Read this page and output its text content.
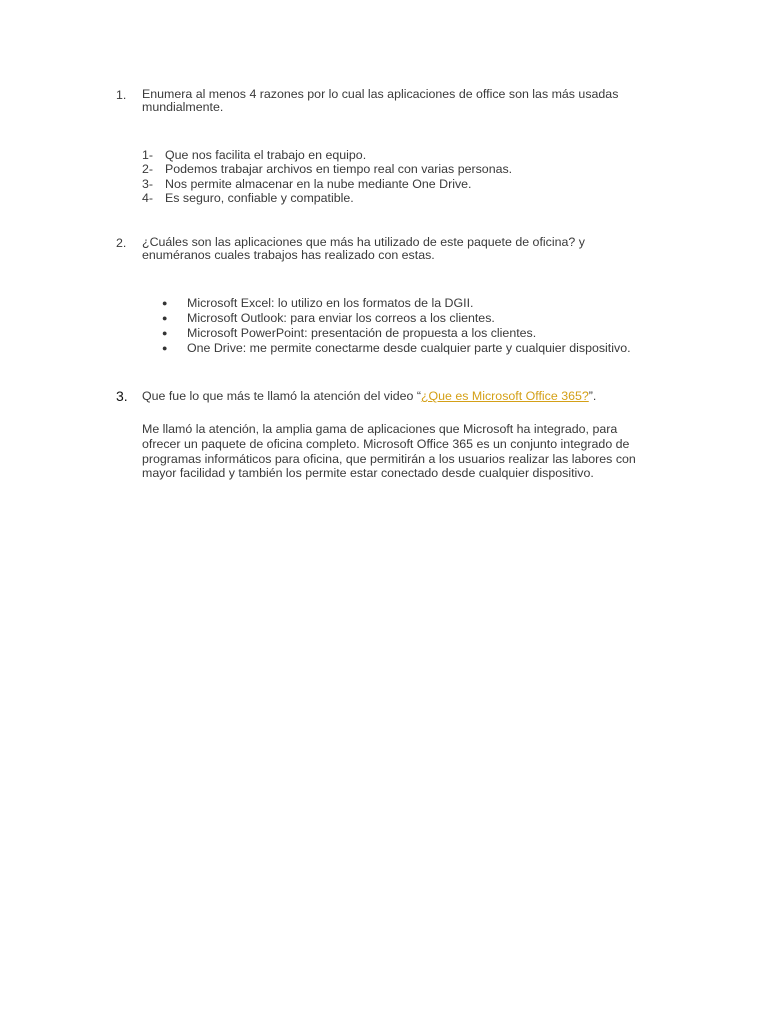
1. Enumera al menos 4 razones por lo cual las aplicaciones de office son las más usadas mundialmente.
1- Que nos facilita el trabajo en equipo.
2- Podemos trabajar archivos en tiempo real con varias personas.
3- Nos permite almacenar en la nube mediante One Drive.
4- Es seguro, confiable y compatible.
2. ¿Cuáles son las aplicaciones que más ha utilizado de este paquete de oficina? y enuméranos cuales trabajos has realizado con estas.
● Microsoft Excel: lo utilizo en los formatos de la DGII.
● Microsoft Outlook: para enviar los correos a los clientes.
● Microsoft PowerPoint: presentación de propuesta a los clientes.
● One Drive: me permite conectarme desde cualquier parte y cualquier dispositivo.
3. Que fue lo que más te llamó la atención del video “¿Que es Microsoft Office 365?”.

Me llamó la atención, la amplia gama de aplicaciones que Microsoft ha integrado, para ofrecer un paquete de oficina completo. Microsoft Office 365 es un conjunto integrado de programas informáticos para oficina, que permitirán a los usuarios realizar las labores con mayor facilidad y también los permite estar conectado desde cualquier dispositivo.
